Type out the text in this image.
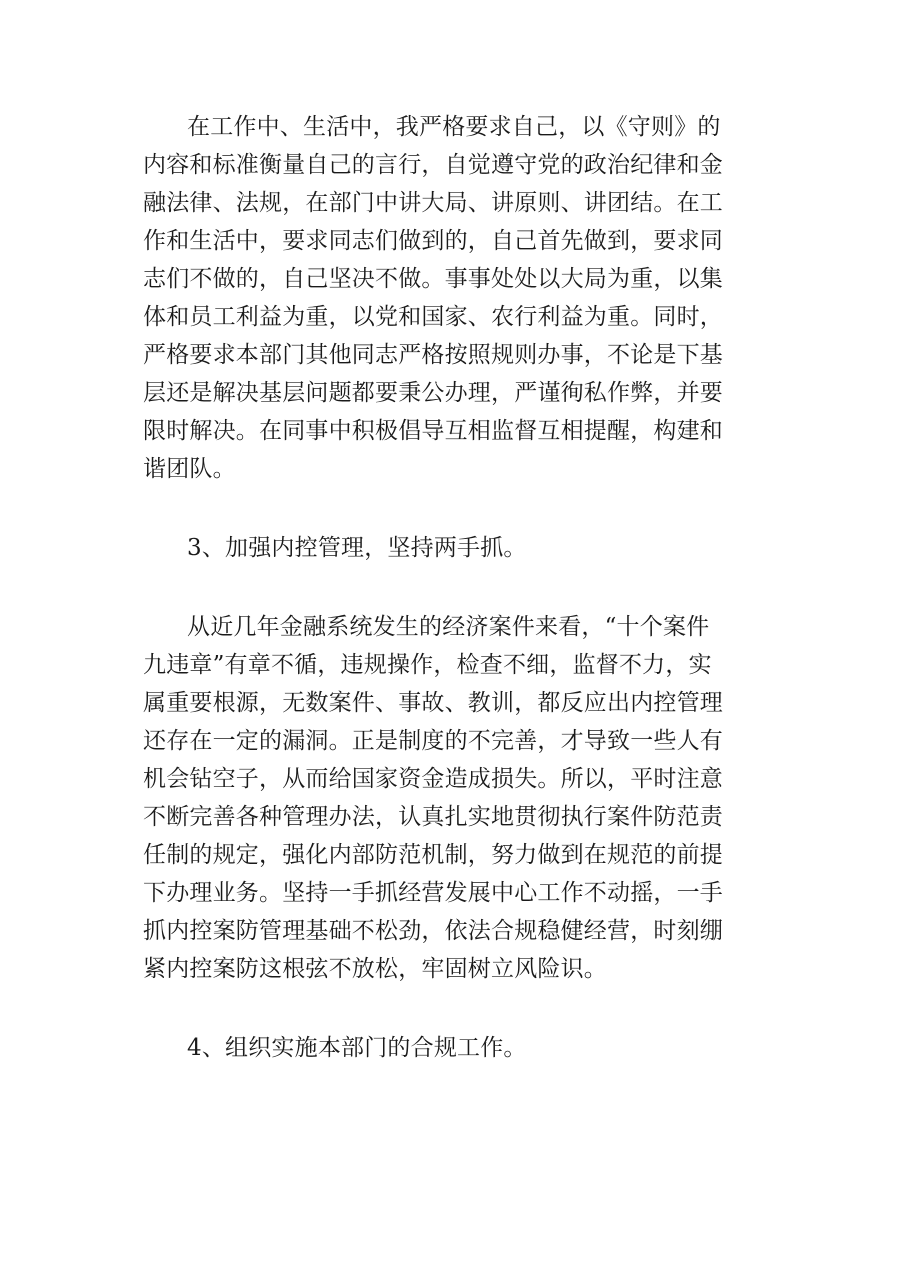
在工作中、生活中，我严格要求自己，以《守则》的
内容和标准衡量自己的言行，自觉遵守党的政治纪律和金
融法律、法规，在部门中讲大局、讲原则、讲团结。在工
作和生活中，要求同志们做到的，自己首先做到，要求同
志们不做的，自己坚决不做。事事处处以大局为重，以集
体和员工利益为重，以党和国家、农行利益为重。同时，
严格要求本部门其他同志严格按照规则办事，不论是下基
层还是解决基层问题都要秉公办理，严谨徇私作弊，并要
限时解决。在同事中积极倡导互相监督互相提醒，构建和
谐团队。
3、加强内控管理，坚持两手抓。
从近几年金融系统发生的经济案件来看，“十个案件
九违章”有章不循，违规操作，检查不细，监督不力，实
属重要根源，无数案件、事故、教训，都反应出内控管理
还存在一定的漏洞。正是制度的不完善，才导致一些人有
机会钻空子，从而给国家资金造成损失。所以，平时注意
不断完善各种管理办法，认真扎实地贯彻执行案件防范责
任制的规定，强化内部防范机制，努力做到在规范的前提
下办理业务。坚持一手抓经营发展中心工作不动摇，一手
抓内控案防管理基础不松劲，依法合规稳健经营，时刻绷
紧内控案防这根弦不放松，牢固树立风险识。
4、组织实施本部门的合规工作。
